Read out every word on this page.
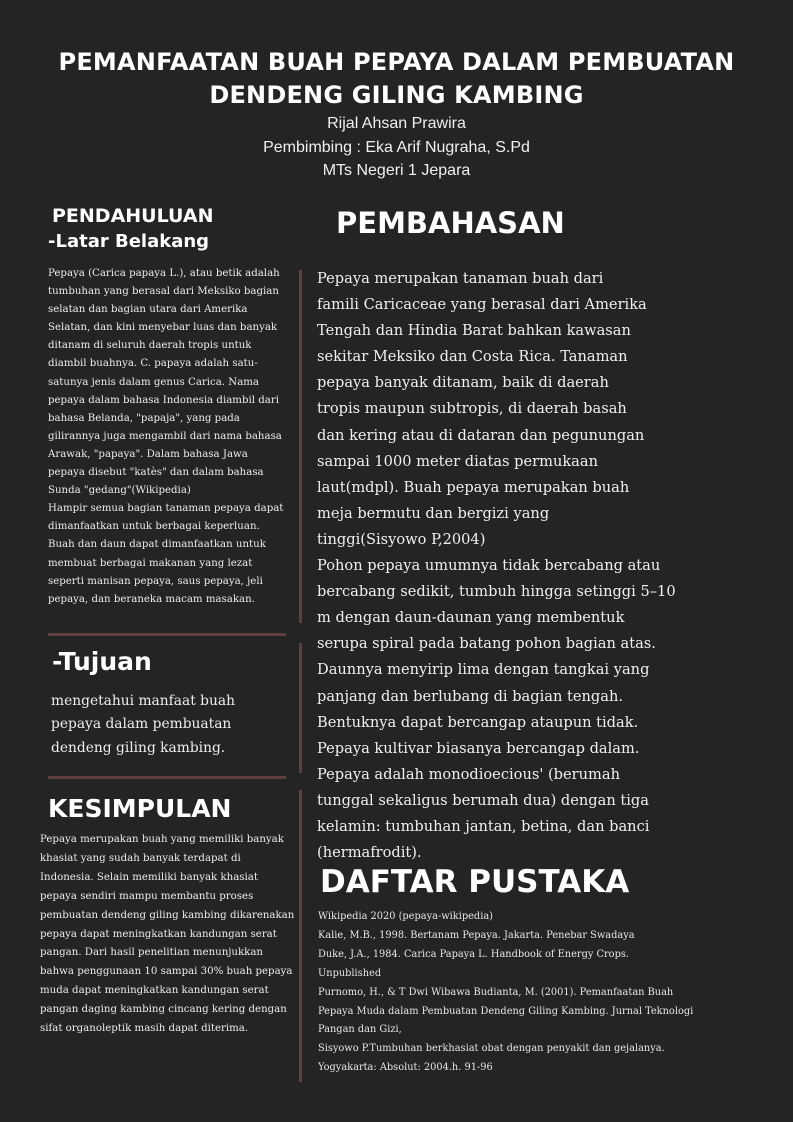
PEMANFAATAN BUAH PEPAYA DALAM PEMBUATAN
DENDENG GILING KAMBING
Rijal Ahsan Prawira
Pembimbing : Eka Arif Nugraha, S.Pd
MTs Negeri 1 Jepara
PENDAHULUAN
-Latar Belakang

Pepaya (Carica papaya L.), atau betik adalah tumbuhan yang berasal dari Meksiko bagian selatan dan bagian utara dari Amerika Selatan, dan kini menyebar luas dan banyak ditanam di seluruh daerah tropis untuk diambil buahnya. C. papaya adalah satu-satunya jenis dalam genus Carica. Nama pepaya dalam bahasa Indonesia diambil dari bahasa Belanda, "papaja", yang pada gilirannya juga mengambil dari nama bahasa Arawak, "papaya". Dalam bahasa Jawa pepaya disebut "katès" dan dalam bahasa Sunda "gedang"(Wikipedia)

Hampir semua bagian tanaman pepaya dapat dimanfaatkan untuk berbagai keperluan. Buah dan daun dapat dimanfaatkan untuk membuat berbagai makanan yang lezat seperti manisan pepaya, saus pepaya, jeli pepaya, dan beraneka macam masakan.

-Tujuan
mengetahui manfaat buah pepaya dalam pembuatan dendeng giling kambing.
KESIMPULAN
Pepaya merupakan buah yang memiliki banyak khasiat yang sudah banyak terdapat di Indonesia. Selain memiliki banyak khasiat pepaya sendiri mampu membantu proses pembuatan dendeng giling kambing dikarenakan pepaya dapat meningkatkan kandungan serat pangan. Dari hasil penelitian menunjukkan bahwa penggunaan 10 sampai 30% buah pepaya muda dapat meningkatkan kandungan serat pangan daging kambing cincang kering dengan sifat organoleptik masih dapat diterima.
PEMBAHASAN

Pepaya merupakan tanaman buah dari famili Caricaceae yang berasal dari Amerika Tengah dan Hindia Barat bahkan kawasan sekitar Meksiko dan Costa Rica. Tanaman pepaya banyak ditanam, baik di daerah tropis maupun subtropis, di daerah basah dan kering atau di dataran dan pegunungan sampai 1000 meter diatas permukaan laut(mdpl). Buah pepaya merupakan buah meja bermutu dan bergizi yang tinggi(Sisyowo P,2004)

Pohon pepaya umumnya tidak bercabang atau bercabang sedikit, tumbuh hingga setinggi 5–10 m dengan daun-daunan yang membentuk serupa spiral pada batang pohon bagian atas. Daunnya menyirip lima dengan tangkai yang panjang dan berlubang di bagian tengah. Bentuknya dapat bercangap ataupun tidak. Pepaya kultivar biasanya bercangap dalam. Pepaya adalah monodioecious' (berumah tunggal sekaligus berumah dua) dengan tiga kelamin: tumbuhan jantan, betina, dan banci (hermafrodit).

DAFTAR PUSTAKA

Wikipedia 2020 (pepaya-wikipedia)

Kalie, M.B., 1998. Bertanam Pepaya. Jakarta. Penebar Swadaya

Duke, J.A., 1984. Carica Papaya L. Handbook of Energy Crops. Unpublished

Purnomo, H., & T Dwi Wibawa Budianta, M. (2001). Pemanfaatan Buah Pepaya Muda dalam Pembuatan Dendeng Giling Kambing. Jurnal Teknologi Pangan dan Gizi,

Sisyowo P.Tumbuhan berkhasiat obat dengan penyakit dan gejalanya. Yogyakarta: Absolut: 2004.h. 91-96
